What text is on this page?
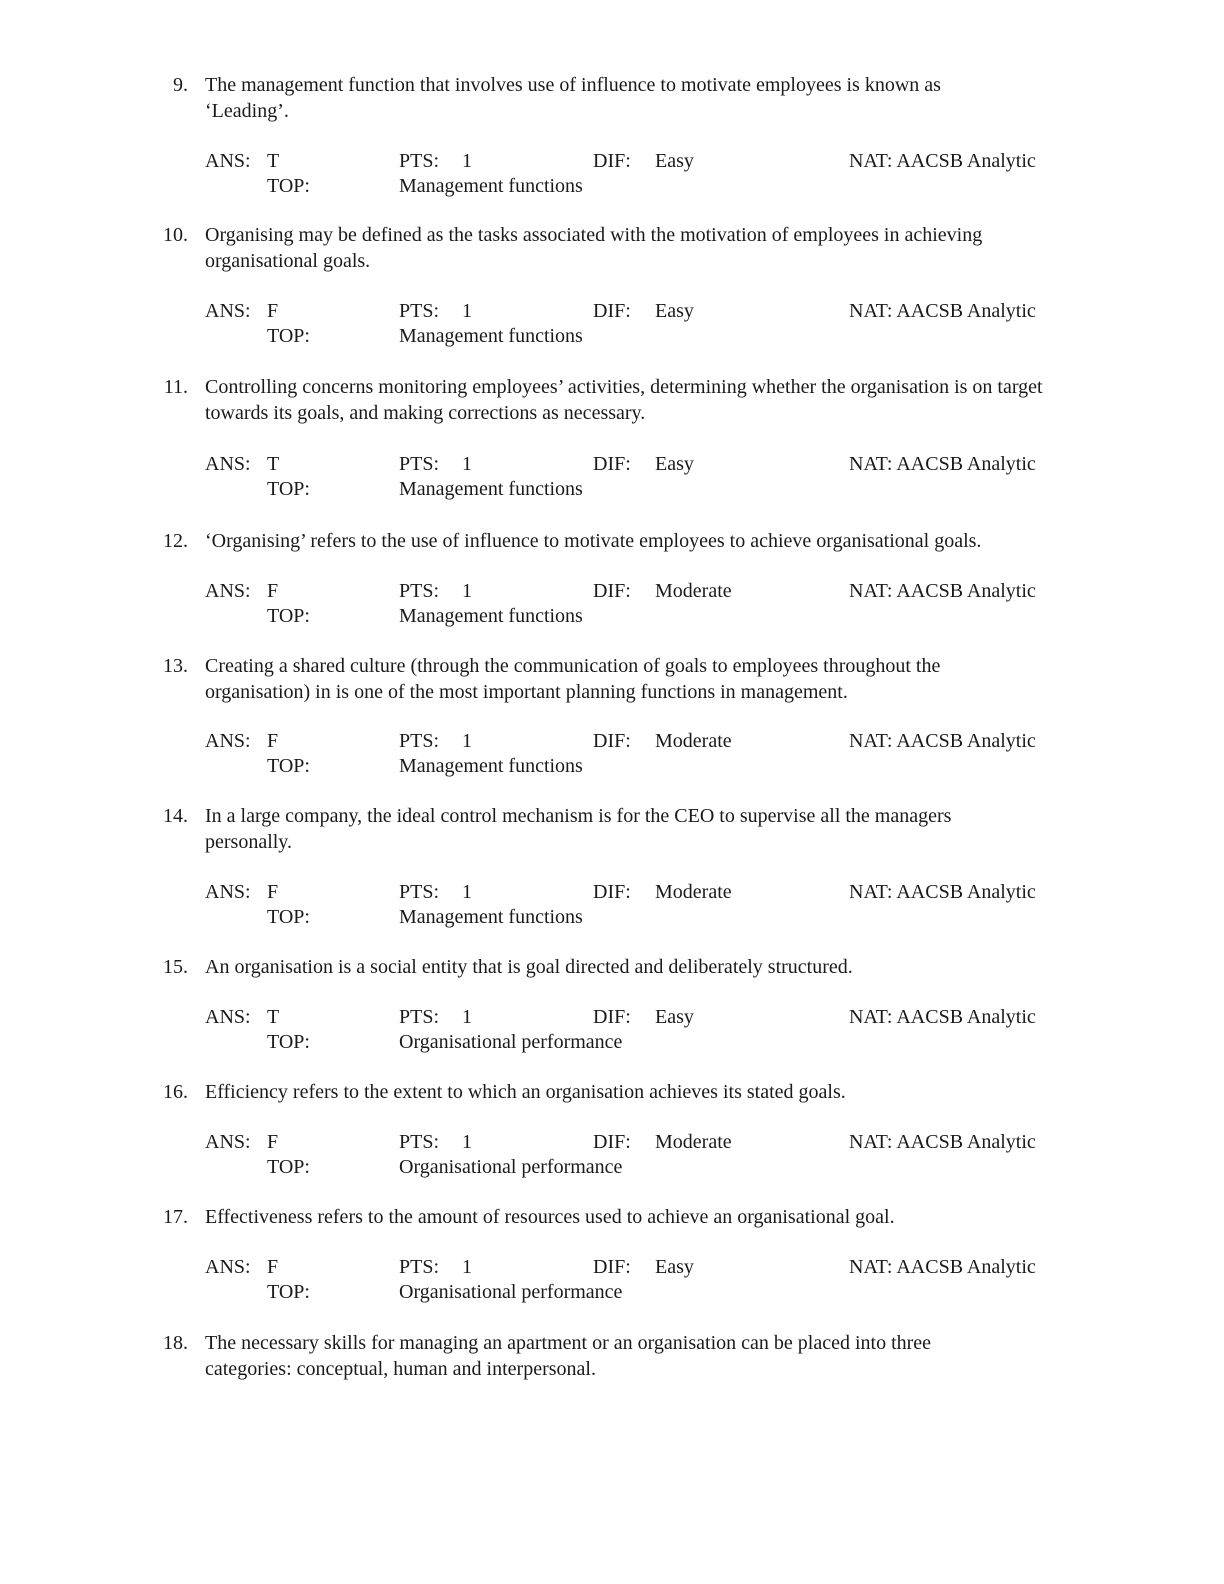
9. The management function that involves use of influence to motivate employees is known as ‘Leading’.
ANS: T	PTS: 1	DIF: Easy	NAT: AACSB Analytic
TOP:	Management functions
10. Organising may be defined as the tasks associated with the motivation of employees in achieving organisational goals.
ANS: F	PTS: 1	DIF: Easy	NAT: AACSB Analytic
TOP:	Management functions
11. Controlling concerns monitoring employees’ activities, determining whether the organisation is on target towards its goals, and making corrections as necessary.
ANS: T	PTS: 1	DIF: Easy	NAT: AACSB Analytic
TOP:	Management functions
12. ‘Organising’ refers to the use of influence to motivate employees to achieve organisational goals.
ANS: F	PTS: 1	DIF: Moderate	NAT: AACSB Analytic
TOP:	Management functions
13. Creating a shared culture (through the communication of goals to employees throughout the organisation) in is one of the most important planning functions in management.
ANS: F	PTS: 1	DIF: Moderate	NAT: AACSB Analytic
TOP:	Management functions
14. In a large company, the ideal control mechanism is for the CEO to supervise all the managers personally.
ANS: F	PTS: 1	DIF: Moderate	NAT: AACSB Analytic
TOP:	Management functions
15. An organisation is a social entity that is goal directed and deliberately structured.
ANS: T	PTS: 1	DIF: Easy	NAT: AACSB Analytic
TOP:	Organisational performance
16. Efficiency refers to the extent to which an organisation achieves its stated goals.
ANS: F	PTS: 1	DIF: Moderate	NAT: AACSB Analytic
TOP:	Organisational performance
17. Effectiveness refers to the amount of resources used to achieve an organisational goal.
ANS: F	PTS: 1	DIF: Easy	NAT: AACSB Analytic
TOP:	Organisational performance
18. The necessary skills for managing an apartment or an organisation can be placed into three categories: conceptual, human and interpersonal.
